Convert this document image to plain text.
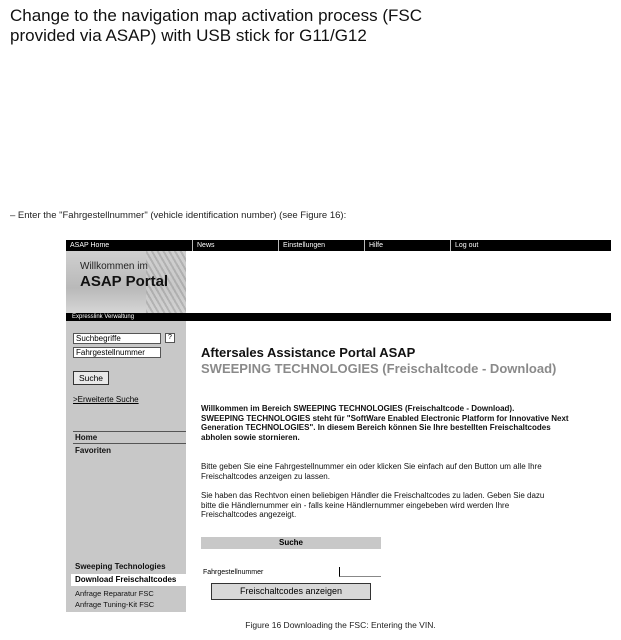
Change to the navigation map activation process (FSC
provided via ASAP) with USB stick for G11/G12
– Enter the "Fahrgestellnummer" (vehicle identification number) (see Figure 16):
ASAP Home	News	Einstellungen	Hilfe	Log out
Willkommen im
ASAP Portal
Expresslink Verwaltung
Suchbegriffe	?
Fahrgestellnummer
Suche
>Erweiterte Suche
Home
Favoriten
Sweeping Technologies
Download Freischaltcodes
Anfrage Reparatur FSC
Anfrage Tuning-Kit FSC
Aftersales Assistance Portal ASAP
SWEEPING TECHNOLOGIES (Freischaltcode - Download)
Willkommen im Bereich SWEEPING TECHNOLOGIES (Freischaltcode - Download).
SWEEPING TECHNOLOGIES steht für "SoftWare Enabled Electronic Platform for Innovative Next
Generation TECHNOLOGIES". In diesem Bereich können Sie Ihre bestellten Freischaltcodes
abholen sowie stornieren.
Bitte geben Sie eine Fahrgestellnummer ein oder klicken Sie einfach auf den Button um alle Ihre
Freischaltcodes anzeigen zu lassen.
Sie haben das Rechtvon einen beliebigen Händler die Freischaltcodes zu laden. Geben Sie dazu
bitte die Händlernummer ein - falls keine Händlernummer eingebeben wird werden Ihre
Freischaltcodes angezeigt.
Suche
Fahrgestellnummer
Freischaltcodes anzeigen
Figure 16 Downloading the FSC: Entering the VIN.
